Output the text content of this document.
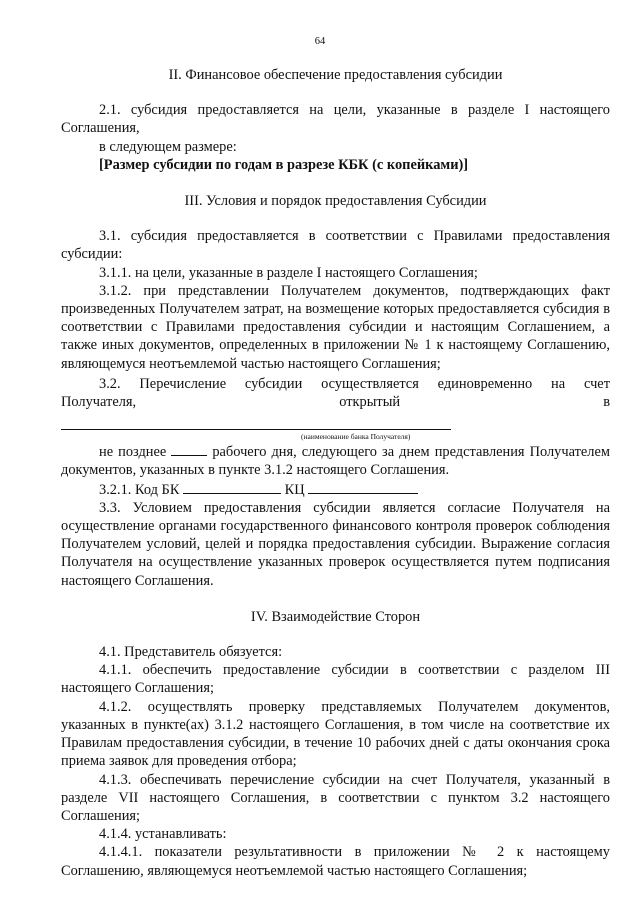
64

II. Финансовое обеспечение предоставления субсидии

2.1. субсидия предоставляется на цели, указанные в разделе I настоящего Соглашения,

в следующем размере:

[Размер субсидии по годам в разрезе КБК (с копейками)]

III. Условия и порядок предоставления Субсидии

3.1. субсидия предоставляется в соответствии с Правилами предоставления субсидии:

3.1.1. на цели, указанные в разделе I настоящего Соглашения;

3.1.2. при представлении Получателем документов, подтверждающих факт произведенных Получателем затрат, на возмещение которых предоставляется субсидия в соответствии с Правилами предоставления субсидии и настоящим Соглашением, а также иных документов, определенных в приложении № 1 к настоящему Соглашению, являющемуся неотъемлемой частью настоящего Соглашения;

3.2. Перечисление субсидии осуществляется единовременно на счет

Получателя,	открытый	в
(наименование банка Получателя)

не позднее	рабочего дня, следующего за днем представления Получателем документов, указанных в пункте 3.1.2 настоящего Соглашения.

3.2.1. Код БК	КЦ

3.3. Условием предоставления субсидии является согласие Получателя на осуществление органами государственного финансового контроля проверок соблюдения Получателем условий, целей и порядка предоставления субсидии. Выражение согласия Получателя на осуществление указанных проверок осуществляется путем подписания настоящего Соглашения.

IV. Взаимодействие Сторон

4.1. Представитель обязуется:

4.1.1. обеспечить предоставление субсидии в соответствии с разделом III настоящего Соглашения;

4.1.2. осуществлять проверку представляемых Получателем документов, указанных в пункте(ах) 3.1.2 настоящего Соглашения, в том числе на соответствие их Правилам предоставления субсидии, в течение 10 рабочих дней с даты окончания срока приема заявок для проведения отбора;

4.1.3. обеспечивать перечисление субсидии на счет Получателя, указанный в разделе VII настоящего Соглашения, в соответствии с пунктом 3.2 настоящего Соглашения;

4.1.4. устанавливать:

4.1.4.1. показатели результативности в приложении № 2 к настоящему Соглашению, являющемуся неотъемлемой частью настоящего Соглашения;
